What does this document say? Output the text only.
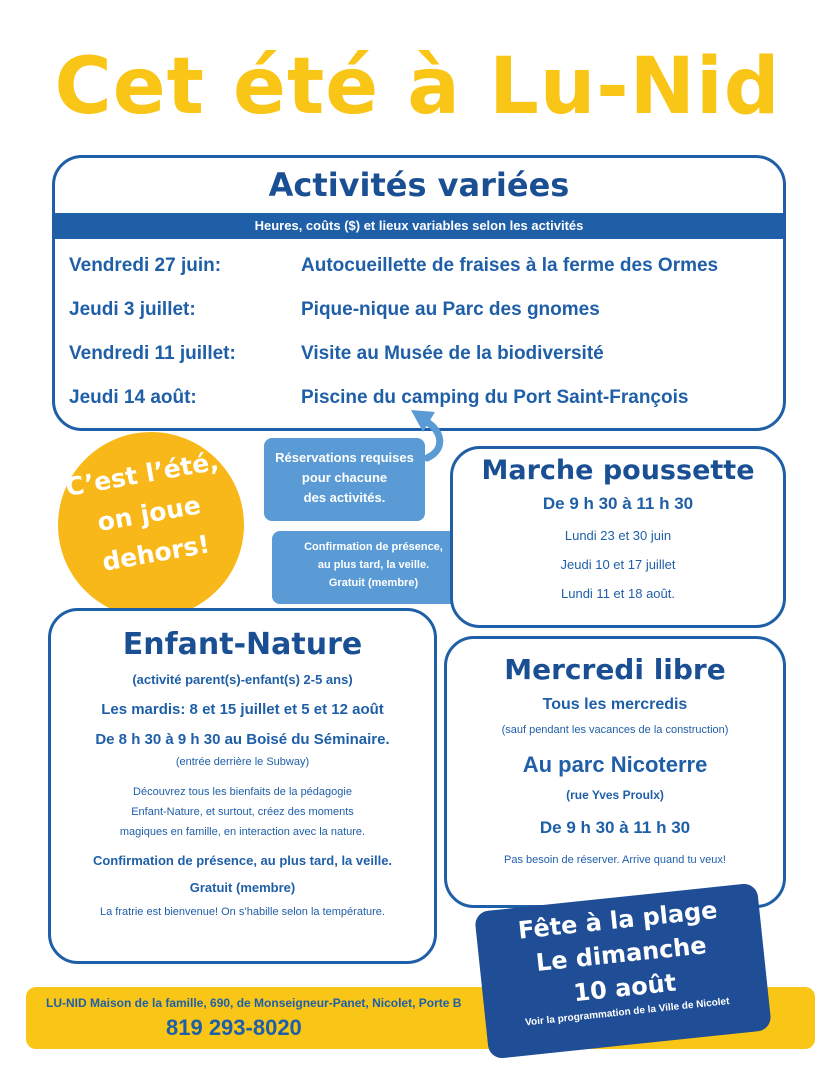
Cet été à Lu-Nid
Activités variées
Heures, coûts ($) et lieux variables selon les activités
Vendredi 27 juin:	Autocueillette de fraises à la ferme des Ormes
Jeudi 3 juillet:	Pique-nique au Parc des gnomes
Vendredi 11 juillet:	Visite au Musée de la biodiversité
Jeudi 14 août:	Piscine du camping du Port Saint-François
C’est l’été,
on joue
dehors!
Réservations requises
pour chacune
des activités.
Confirmation de présence,
au plus tard, la veille.
Gratuit (membre)
Marche poussette
De 9 h 30 à 11 h 30
Lundi 23 et 30 juin
Jeudi 10 et 17 juillet
Lundi 11 et 18 août.
Enfant-Nature
(activité parent(s)-enfant(s) 2-5 ans)
Les mardis: 8 et 15 juillet et 5 et 12 août
De 8 h 30 à 9 h 30 au Boisé du Séminaire.
(entrée derrière le Subway)
Découvrez tous les bienfaits de la pédagogie
Enfant-Nature, et surtout, créez des moments
magiques en famille, en interaction avec la nature.
Confirmation de présence, au plus tard, la veille.
Gratuit (membre)
La fratrie est bienvenue! On s’habille selon la température.
Mercredi libre
Tous les mercredis
(sauf pendant les vacances de la construction)
Au parc Nicoterre
(rue Yves Proulx)
De 9 h 30 à 11 h 30
Pas besoin de réserver. Arrive quand tu veux!
LU-NID Maison de la famille, 690, de Monseigneur-Panet, Nicolet, Porte B
819 293-8020
Fête à la plage
Le dimanche
10 août
Voir la programmation de la Ville de Nicolet
